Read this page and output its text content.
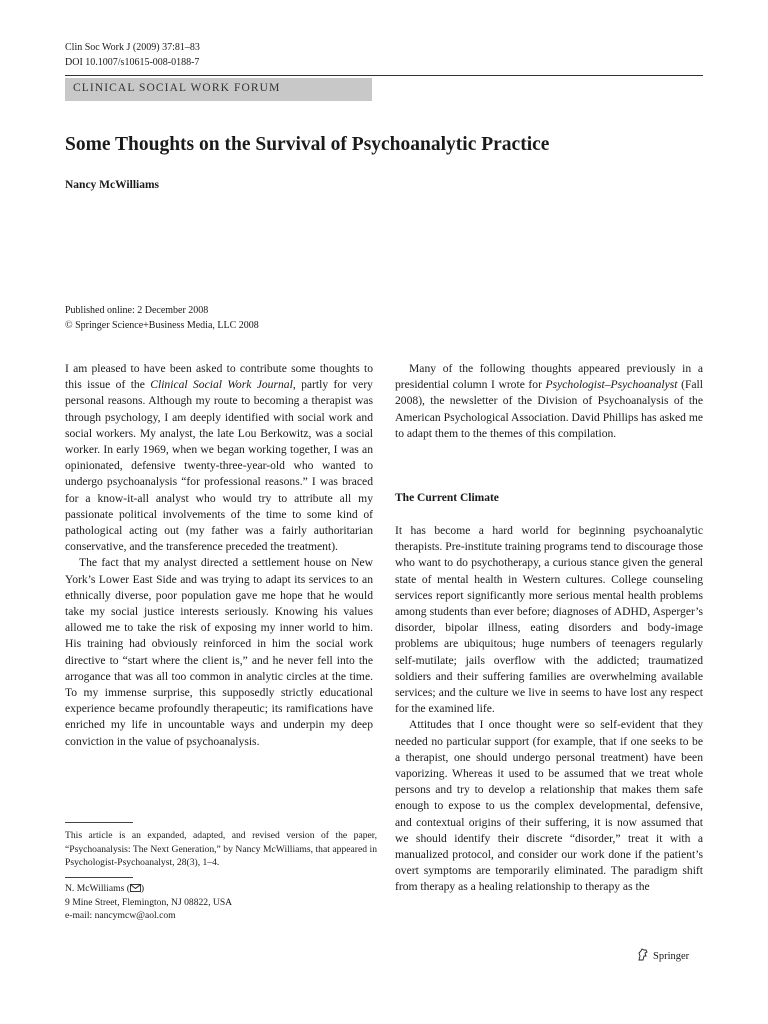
Clin Soc Work J (2009) 37:81–83
DOI 10.1007/s10615-008-0188-7
CLINICAL SOCIAL WORK FORUM
Some Thoughts on the Survival of Psychoanalytic Practice
Nancy McWilliams
Published online: 2 December 2008
© Springer Science+Business Media, LLC 2008

I am pleased to have been asked to contribute some thoughts to this issue of the Clinical Social Work Journal, partly for very personal reasons. Although my route to becoming a therapist was through psychology, I am deeply identified with social work and social workers. My analyst, the late Lou Berkowitz, was a social worker. In early 1969, when we began working together, I was an opinionated, defensive twenty-three-year-old who wanted to undergo psychoanalysis “for professional reasons.” I was braced for a know-it-all analyst who would try to attribute all my passionate political involvements of the time to some kind of pathological acting out (my father was a fairly authoritarian conservative, and the transference preceded the treatment).

The fact that my analyst directed a settlement house on New York’s Lower East Side and was trying to adapt its services to an ethnically diverse, poor population gave me hope that he would take my social justice interests seriously. Knowing his values allowed me to take the risk of exposing my inner world to him. His training had obviously reinforced in him the social work directive to “start where the client is,” and he never fell into the arrogance that was all too common in analytic circles at the time. To my immense surprise, this supposedly strictly educational experience became profoundly therapeutic; its ramifications have enriched my life in uncountable ways and underpin my deep conviction in the value of psychoanalysis.

Many of the following thoughts appeared previously in a presidential column I wrote for Psychologist–Psychoanalyst (Fall 2008), the newsletter of the Division of Psychoanalysis of the American Psychological Association. David Phillips has asked me to adapt them to the themes of this compilation.

The Current Climate

It has become a hard world for beginning psychoanalytic therapists. Pre-institute training programs tend to discourage those who want to do psychotherapy, a curious stance given the general state of mental health in Western cultures. College counseling services report significantly more serious mental health problems among students than ever before; diagnoses of ADHD, Asperger’s disorder, bipolar illness, eating disorders and body-image problems are ubiquitous; huge numbers of teenagers regularly self-mutilate; jails overflow with the addicted; traumatized soldiers and their suffering families are overwhelming available services; and the culture we live in seems to have lost any respect for the examined life.

Attitudes that I once thought were so self-evident that they needed no particular support (for example, that if one seeks to be a therapist, one should undergo personal treatment) have been vaporizing. Whereas it used to be assumed that we treat whole persons and try to develop a relationship that makes them safe enough to expose to us the complex developmental, defensive, and contextual origins of their suffering, it is now assumed that we should identify their discrete “disorder,” treat it with a manualized protocol, and consider our work done if the patient’s overt symptoms are temporarily eliminated. The paradigm shift from therapy as a healing relationship to therapy as the

This article is an expanded, adapted, and revised version of the paper, “Psychoanalysis: The Next Generation,” by Nancy McWilliams, that appeared in Psychologist-Psychoanalyst, 28(3), 1–4.
N. McWilliams ( )
9 Mine Street, Flemington, NJ 08822, USA
e-mail: nancymcw@aol.com
Springer
